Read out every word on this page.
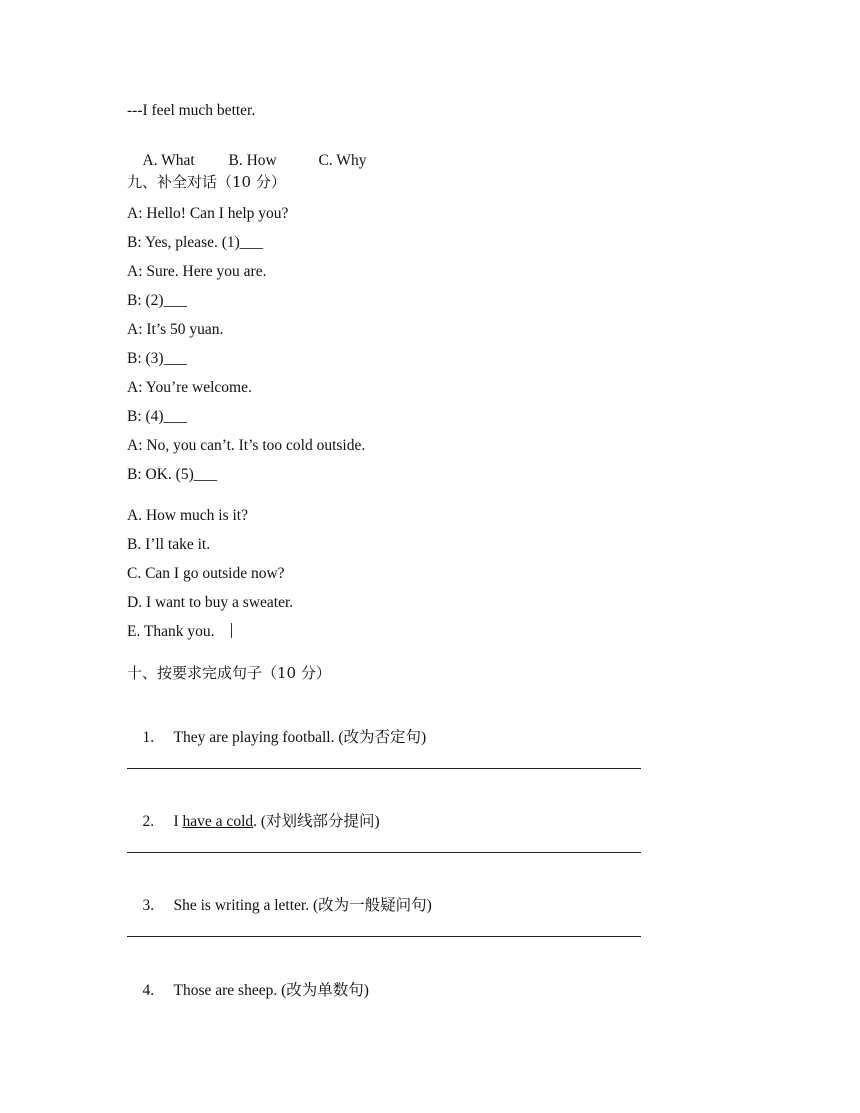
---I feel much better.

A. What B. How	C. Why

九、补全对话（10 分）
A: Hello! Can I help you?
B: Yes, please. (1)___
A: Sure. Here you are.
B: (2)___
A: It’s 50 yuan.
B: (3)___
A: You’re welcome.
B: (4)___
A: No, you can’t. It’s too cold outside.
B: OK. (5)___
A. How much is it?
B. I’ll take it.
C. Can I go outside now?
D. I want to buy a sweater.
E. Thank you.
十、按要求完成句子（10 分）

1. They are playing football. (改为否定句)

2. I have a cold. (对划线部分提问)

3. She is writing a letter. (改为一般疑问句)

4. Those are sheep. (改为单数句)
